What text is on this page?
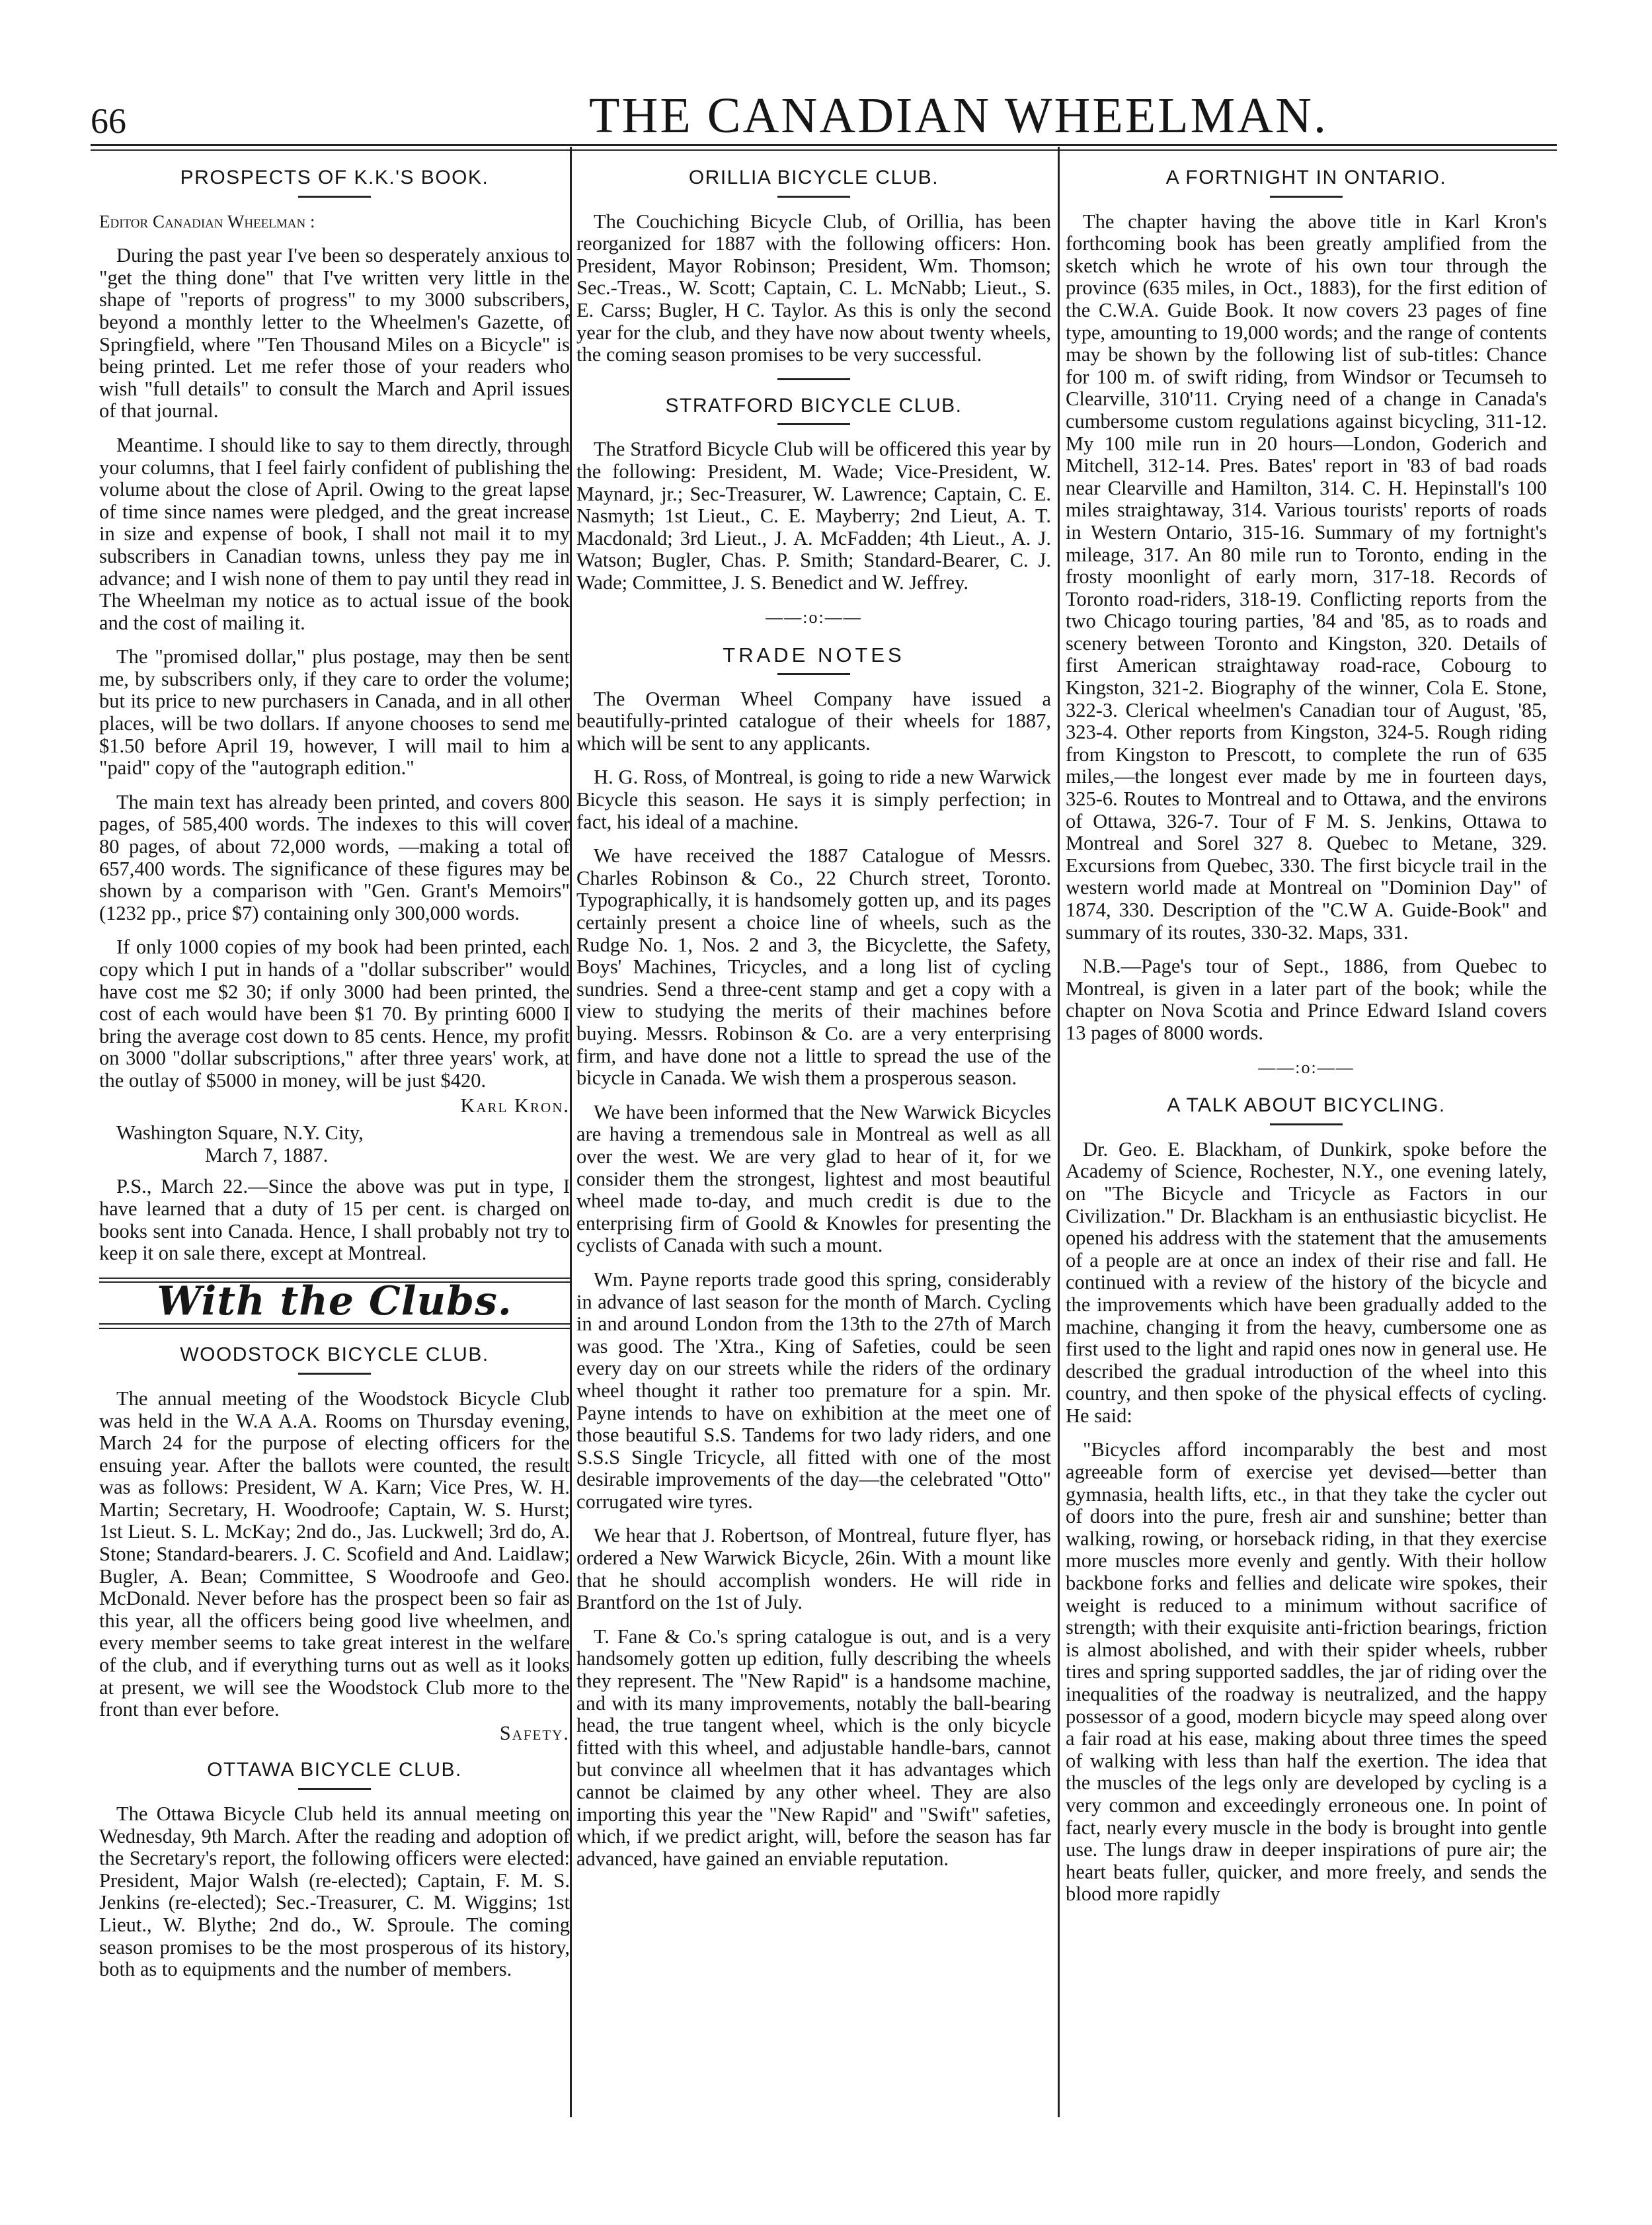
66	THE CANADIAN WHEELMAN.
PROSPECTS OF K.K.'S BOOK.

Editor Canadian Wheelman :

During the past year I've been so desperately anxious to "get the thing done" that I've written very little in the shape of "reports of progress" to my 3000 subscribers, beyond a monthly letter to the Wheelmen's Gazette, of Springfield, where "Ten Thousand Miles on a Bicycle" is being printed. Let me refer those of your readers who wish "full details" to consult the March and April issues of that journal.

Meantime. I should like to say to them directly, through your columns, that I feel fairly confident of publishing the volume about the close of April. Owing to the great lapse of time since names were pledged, and the great increase in size and expense of book, I shall not mail it to my subscribers in Canadian towns, unless they pay me in advance; and I wish none of them to pay until they read in The Wheelman my notice as to actual issue of the book and the cost of mailing it.

The "promised dollar," plus postage, may then be sent me, by subscribers only, if they care to order the volume; but its price to new purchasers in Canada, and in all other places, will be two dollars. If anyone chooses to send me $1.50 before April 19, however, I will mail to him a "paid" copy of the "autograph edition."

The main text has already been printed, and covers 800 pages, of 585,400 words. The indexes to this will cover 80 pages, of about 72,000 words, —making a total of 657,400 words. The significance of these figures may be shown by a comparison with "Gen. Grant's Memoirs" (1232 pp., price $7) containing only 300,000 words.

If only 1000 copies of my book had been printed, each copy which I put in hands of a "dollar subscriber" would have cost me $2 30; if only 3000 had been printed, the cost of each would have been $1 70. By printing 6000 I bring the average cost down to 85 cents. Hence, my profit on 3000 "dollar subscriptions," after three years' work, at the outlay of $5000 in money, will be just $420.

Karl Kron.
Washington Square, N.Y. City,
March 7, 1887.

P.S., March 22.—Since the above was put in type, I have learned that a duty of 15 per cent. is charged on books sent into Canada. Hence, I shall probably not try to keep it on sale there, except at Montreal.

With the Clubs.
WOODSTOCK BICYCLE CLUB.

The annual meeting of the Woodstock Bicycle Club was held in the W.A A.A. Rooms on Thursday evening, March 24 for the purpose of electing officers for the ensuing year. After the ballots were counted, the result was as follows: President, W A. Karn; Vice Pres, W. H. Martin; Secretary, H. Woodroofe; Captain, W. S. Hurst; 1st Lieut. S. L. McKay; 2nd do., Jas. Luckwell; 3rd do, A. Stone; Standard-bearers. J. C. Scofield and And. Laidlaw; Bugler, A. Bean; Committee, S Woodroofe and Geo. McDonald. Never before has the prospect been so fair as this year, all the officers being good live wheelmen, and every member seems to take great interest in the welfare of the club, and if everything turns out as well as it looks at present, we will see the Woodstock Club more to the front than ever before.

Safety.
OTTAWA BICYCLE CLUB.

The Ottawa Bicycle Club held its annual meeting on Wednesday, 9th March. After the reading and adoption of the Secretary's report, the following officers were elected: President, Major Walsh (re-elected); Captain, F. M. S. Jenkins (re-elected); Sec.-Treasurer, C. M. Wiggins; 1st Lieut., W. Blythe; 2nd do., W. Sproule. The coming season promises to be the most prosperous of its history, both as to equipments and the number of members.

ORILLIA BICYCLE CLUB.

The Couchiching Bicycle Club, of Orillia, has been reorganized for 1887 with the following officers: Hon. President, Mayor Robinson; President, Wm. Thomson; Sec.-Treas., W. Scott; Captain, C. L. McNabb; Lieut., S. E. Carss; Bugler, H C. Taylor. As this is only the second year for the club, and they have now about twenty wheels, the coming season promises to be very successful.

STRATFORD BICYCLE CLUB.

The Stratford Bicycle Club will be officered this year by the following: President, M. Wade; Vice-President, W. Maynard, jr.; Sec-Treasurer, W. Lawrence; Captain, C. E. Nasmyth; 1st Lieut., C. E. Mayberry; 2nd Lieut, A. T. Macdonald; 3rd Lieut., J. A. McFadden; 4th Lieut., A. J. Watson; Bugler, Chas. P. Smith; Standard-Bearer, C. J. Wade; Committee, J. S. Benedict and W. Jeffrey.

——:o:——
TRADE NOTES

The Overman Wheel Company have issued a beautifully-printed catalogue of their wheels for 1887, which will be sent to any applicants.

H. G. Ross, of Montreal, is going to ride a new Warwick Bicycle this season. He says it is simply perfection; in fact, his ideal of a machine.

We have received the 1887 Catalogue of Messrs. Charles Robinson & Co., 22 Church street, Toronto. Typographically, it is handsomely gotten up, and its pages certainly present a choice line of wheels, such as the Rudge No. 1, Nos. 2 and 3, the Bicyclette, the Safety, Boys' Machines, Tricycles, and a long list of cycling sundries. Send a three-cent stamp and get a copy with a view to studying the merits of their machines before buying. Messrs. Robinson & Co. are a very enterprising firm, and have done not a little to spread the use of the bicycle in Canada. We wish them a prosperous season.

We have been informed that the New Warwick Bicycles are having a tremendous sale in Montreal as well as all over the west. We are very glad to hear of it, for we consider them the strongest, lightest and most beautiful wheel made to-day, and much credit is due to the enterprising firm of Goold & Knowles for presenting the cyclists of Canada with such a mount.

Wm. Payne reports trade good this spring, considerably in advance of last season for the month of March. Cycling in and around London from the 13th to the 27th of March was good. The 'Xtra., King of Safeties, could be seen every day on our streets while the riders of the ordinary wheel thought it rather too premature for a spin. Mr. Payne intends to have on exhibition at the meet one of those beautiful S.S. Tandems for two lady riders, and one S.S.S Single Tricycle, all fitted with one of the most desirable improvements of the day—the celebrated "Otto" corrugated wire tyres.

We hear that J. Robertson, of Montreal, future flyer, has ordered a New Warwick Bicycle, 26in. With a mount like that he should accomplish wonders. He will ride in Brantford on the 1st of July.

T. Fane & Co.'s spring catalogue is out, and is a very handsomely gotten up edition, fully describing the wheels they represent. The "New Rapid" is a handsome machine, and with its many improvements, notably the ball-bearing head, the true tangent wheel, which is the only bicycle fitted with this wheel, and adjustable handle-bars, cannot but convince all wheelmen that it has advantages which cannot be claimed by any other wheel. They are also importing this year the "New Rapid" and "Swift" safeties, which, if we predict aright, will, before the season has far advanced, have gained an enviable reputation.

A FORTNIGHT IN ONTARIO.

The chapter having the above title in Karl Kron's forthcoming book has been greatly amplified from the sketch which he wrote of his own tour through the province (635 miles, in Oct., 1883), for the first edition of the C.W.A. Guide Book. It now covers 23 pages of fine type, amounting to 19,000 words; and the range of contents may be shown by the following list of sub-titles: Chance for 100 m. of swift riding, from Windsor or Tecumseh to Clearville, 310'11. Crying need of a change in Canada's cumbersome custom regulations against bicycling, 311-12. My 100 mile run in 20 hours—London, Goderich and Mitchell, 312-14. Pres. Bates' report in '83 of bad roads near Clearville and Hamilton, 314. C. H. Hepinstall's 100 miles straightaway, 314. Various tourists' reports of roads in Western Ontario, 315-16. Summary of my fortnight's mileage, 317. An 80 mile run to Toronto, ending in the frosty moonlight of early morn, 317-18. Records of Toronto road-riders, 318-19. Conflicting reports from the two Chicago touring parties, '84 and '85, as to roads and scenery between Toronto and Kingston, 320. Details of first American straightaway road-race, Cobourg to Kingston, 321-2. Biography of the winner, Cola E. Stone, 322-3. Clerical wheelmen's Canadian tour of August, '85, 323-4. Other reports from Kingston, 324-5. Rough riding from Kingston to Prescott, to complete the run of 635 miles,—the longest ever made by me in fourteen days, 325-6. Routes to Montreal and to Ottawa, and the environs of Ottawa, 326-7. Tour of F M. S. Jenkins, Ottawa to Montreal and Sorel 327 8. Quebec to Metane, 329. Excursions from Quebec, 330. The first bicycle trail in the western world made at Montreal on "Dominion Day" of 1874, 330. Description of the "C.W A. Guide-Book" and summary of its routes, 330-32. Maps, 331.

N.B.—Page's tour of Sept., 1886, from Quebec to Montreal, is given in a later part of the book; while the chapter on Nova Scotia and Prince Edward Island covers 13 pages of 8000 words.

——:o:——
A TALK ABOUT BICYCLING.

Dr. Geo. E. Blackham, of Dunkirk, spoke before the Academy of Science, Rochester, N.Y., one evening lately, on "The Bicycle and Tricycle as Factors in our Civilization." Dr. Blackham is an enthusiastic bicyclist. He opened his address with the statement that the amusements of a people are at once an index of their rise and fall. He continued with a review of the history of the bicycle and the improvements which have been gradually added to the machine, changing it from the heavy, cumbersome one as first used to the light and rapid ones now in general use. He described the gradual introduction of the wheel into this country, and then spoke of the physical effects of cycling. He said:

"Bicycles afford incomparably the best and most agreeable form of exercise yet devised—better than gymnasia, health lifts, etc., in that they take the cycler out of doors into the pure, fresh air and sunshine; better than walking, rowing, or horseback riding, in that they exercise more muscles more evenly and gently. With their hollow backbone forks and fellies and delicate wire spokes, their weight is reduced to a minimum without sacrifice of strength; with their exquisite anti-friction bearings, friction is almost abolished, and with their spider wheels, rubber tires and spring supported saddles, the jar of riding over the inequalities of the roadway is neutralized, and the happy possessor of a good, modern bicycle may speed along over a fair road at his ease, making about three times the speed of walking with less than half the exertion. The idea that the muscles of the legs only are developed by cycling is a very common and exceedingly erroneous one. In point of fact, nearly every muscle in the body is brought into gentle use. The lungs draw in deeper inspirations of pure air; the heart beats fuller, quicker, and more freely, and sends the blood more rapidly
